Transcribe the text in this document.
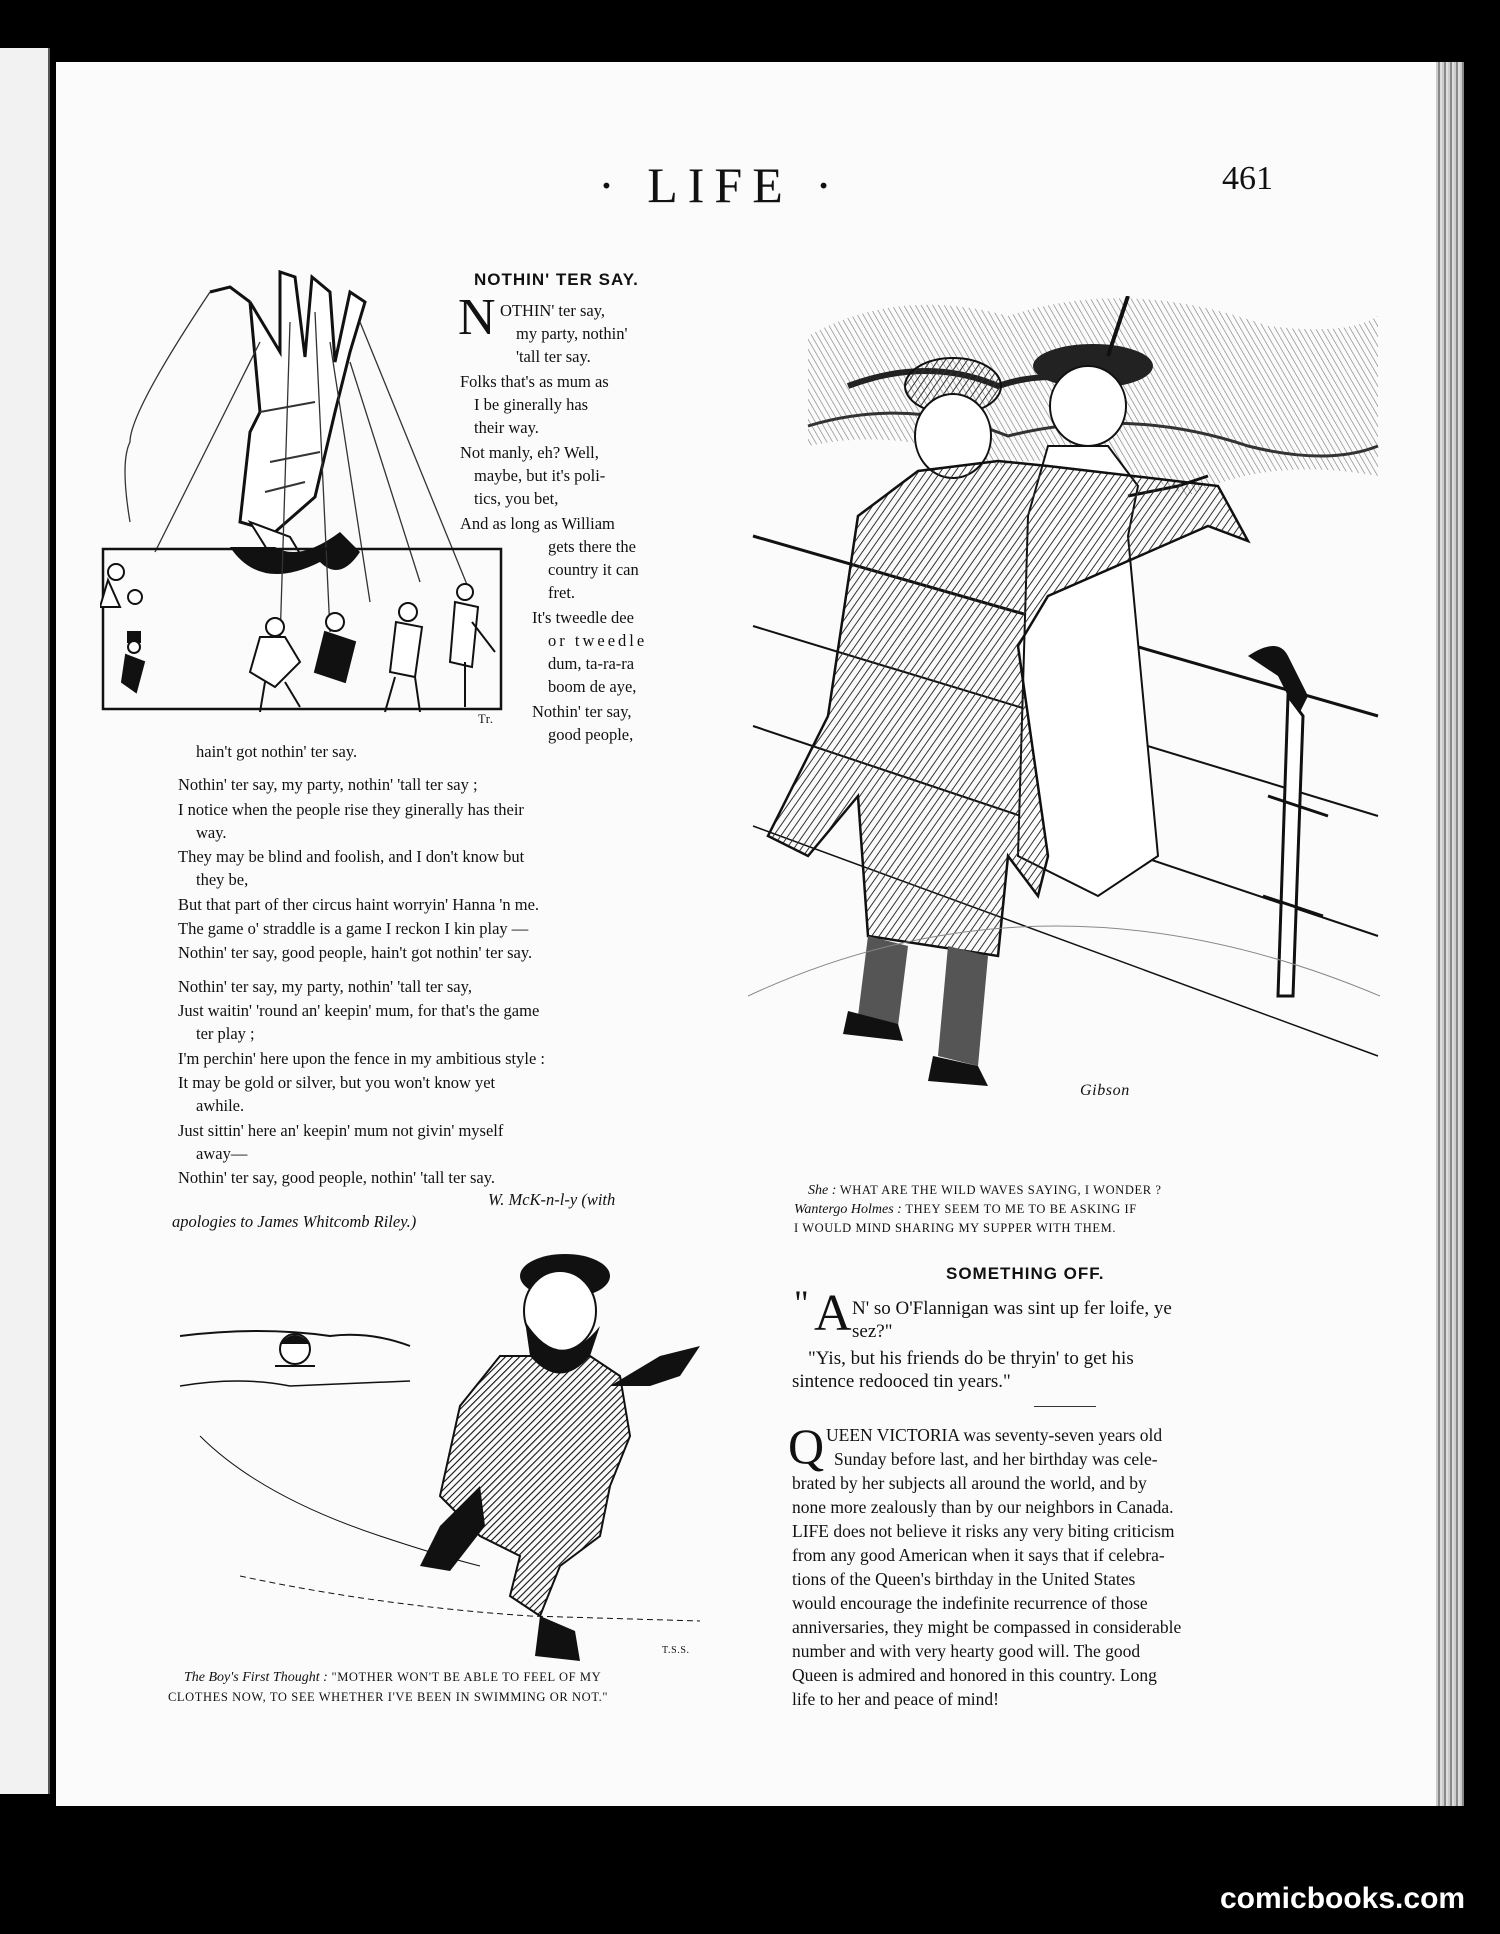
· LIFE ·	461
Tr.
NOTHIN' TER SAY.
N OTHIN' ter say,
my party, nothin'
'tall ter say.
Folks that's as mum as
I be ginerally has
their way.
Not manly, eh? Well,
maybe, but it's poli-
tics, you bet,
And as long as William
gets there the
country it can
fret.
It's tweedle dee
or tweedle
dum, ta-ra-ra
boom de aye,
Nothin' ter say,
good people,
hain't got nothin' ter say.
Nothin' ter say, my party, nothin' 'tall ter say ;
I notice when the people rise they ginerally has their
way.
They may be blind and foolish, and I don't know but
they be,
But that part of ther circus haint worryin' Hanna 'n me.
The game o' straddle is a game I reckon I kin play —
Nothin' ter say, good people, hain't got nothin' ter say.
Nothin' ter say, my party, nothin' 'tall ter say,
Just waitin' 'round an' keepin' mum, for that's the game
ter play ;
I'm perchin' here upon the fence in my ambitious style :
It may be gold or silver, but you won't know yet
awhile.
Just sittin' here an' keepin' mum not givin' myself
away—
Nothin' ter say, good people, nothin' 'tall ter say.
W. McK-n-l-y (with
apologies to James Whitcomb Riley.)
Gibson
She : WHAT ARE THE WILD WAVES SAYING, I WONDER ?
Wantergo Holmes : THEY SEEM TO ME TO BE ASKING IF
I WOULD MIND SHARING MY SUPPER WITH THEM.
T.S.S.
The Boy's First Thought : "MOTHER WON'T BE ABLE TO FEEL OF MY
CLOTHES NOW, TO SEE WHETHER I'VE BEEN IN SWIMMING OR NOT."
SOMETHING OFF.
" A N' so O'Flannigan was sint up fer loife, ye
sez?"
"Yis, but his friends do be thryin' to get his
sintence redooced tin years."
Q UEEN VICTORIA was seventy-seven years old
Sunday before last, and her birthday was cele-
brated by her subjects all around the world, and by
none more zealously than by our neighbors in Canada.
LIFE does not believe it risks any very biting criticism
from any good American when it says that if celebra-
tions of the Queen's birthday in the United States
would encourage the indefinite recurrence of those
anniversaries, they might be compassed in considerable
number and with very hearty good will. The good
Queen is admired and honored in this country. Long
life to her and peace of mind!
comicbooks.com
